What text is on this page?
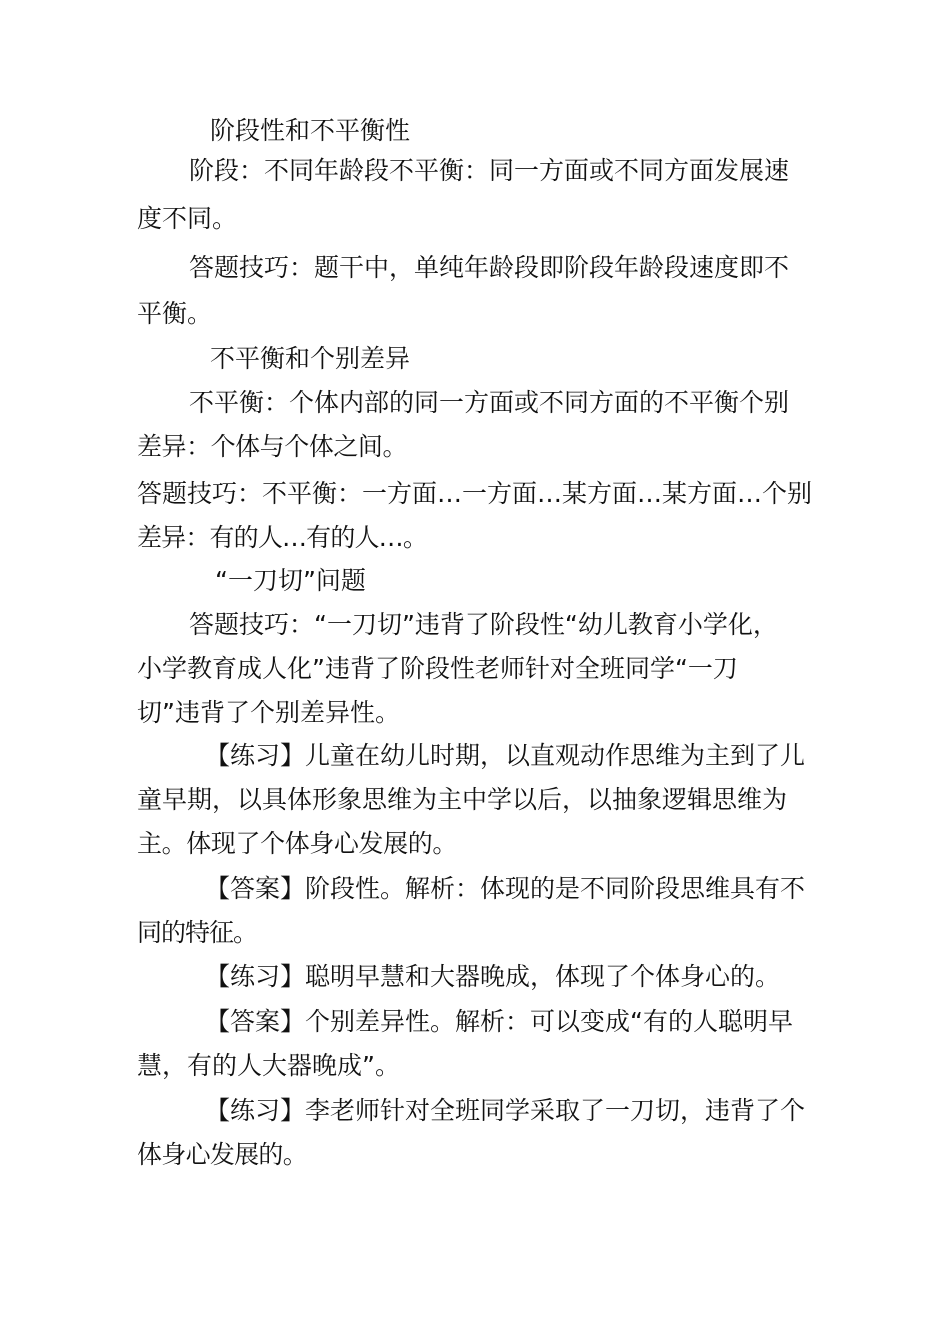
阶段性和不平衡性
阶段：不同年龄段不平衡：同一方面或不同方面发展速
度不同。
答题技巧：题干中，单纯年龄段即阶段年龄段速度即不
平衡。
不平衡和个别差异
不平衡：个体内部的同一方面或不同方面的不平衡个别
差异：个体与个体之间。
答题技巧：不平衡：一方面…一方面…某方面…某方面…个别
差异：有的人…有的人…。
“一刀切”问题
答题技巧：“一刀切”违背了阶段性“幼儿教育小学化，
小学教育成人化”违背了阶段性老师针对全班同学“一刀
切”违背了个别差异性。
【练习】儿童在幼儿时期，以直观动作思维为主到了儿
童早期，以具体形象思维为主中学以后，以抽象逻辑思维为
主。体现了个体身心发展的。
【答案】阶段性。解析：体现的是不同阶段思维具有不
同的特征。
【练习】聪明早慧和大器晚成，体现了个体身心的。
【答案】个别差异性。解析：可以变成“有的人聪明早
慧，有的人大器晚成”。
【练习】李老师针对全班同学采取了一刀切，违背了个
体身心发展的。
